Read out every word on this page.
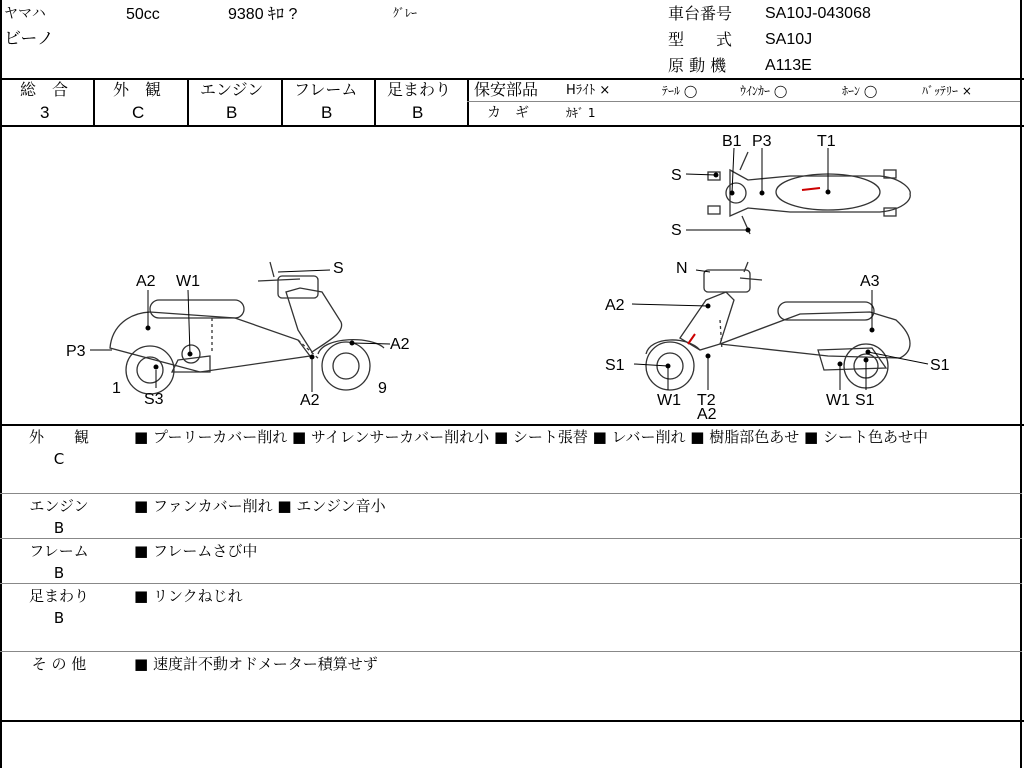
ヤマハ	50cc	9380 ｷﾛ ?	ｸﾞﾚｰ
ビーノ
車台番号 SA10J-043068
型　　式 SA10J
原 動 機 A113E
総　合
3
外　観
C
エンジン
B
フレーム
B
足まわり
B
保安部品 Hﾗｲﾄ ×	ﾃｰﾙ ◯	ｳｲﾝｶｰ ◯	ﾎｰﾝ ◯	ﾊﾞｯﾃﾘｰ ×
カ　ギ	ｶｷﾞ 1
S
A2 W1
P3	A2
1
S3	A2
9
B1 P3	T1
S
S
N
A3
A2
S1	S1
W1 T2
A2
W1 S1
外　　観
C
■ プーリーカバー削れ ■ サイレンサーカバー削れ小 ■ シート張替 ■ レバー削れ ■ 樹脂部色あせ ■ シート色あせ中
エンジン
B
■ ファンカバー削れ ■ エンジン音小
フレーム
B
■ フレームさび中
足まわり
B
■ リンクねじれ
そ の 他	■ 速度計不動オドメーター積算せず
